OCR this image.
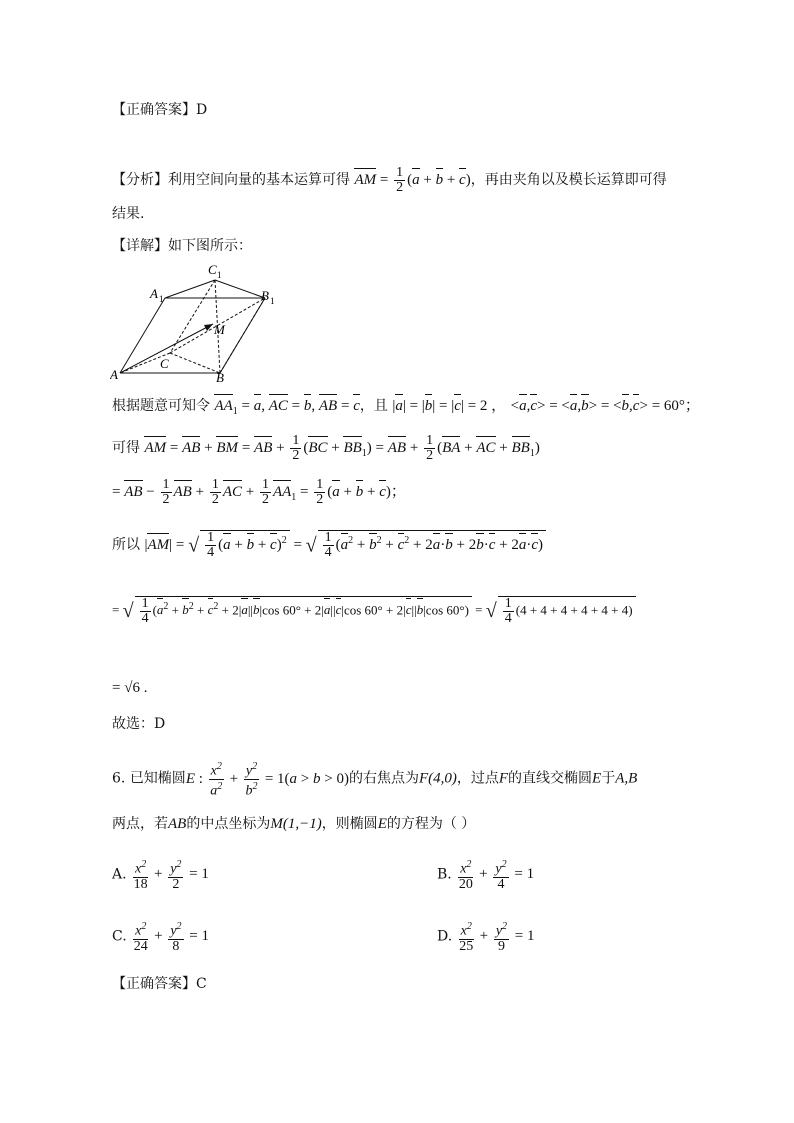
【正确答案】D
【分析】利用空间向量的基本运算可得 AM = $\frac{1}{2} (a + b + c)$，再由夹角以及模长运算即可得
结果.
【详解】如下图所示：
A	B
C
A 1	B 1
C 1
M
根据题意可知令 $AA_1 = a$, AC = b, AB = c，且 |a| = |b| = |c| = 2 ， <a,c> = <a,b> = <b,c> = 60°；
可得 AM = AB + BM = AB + $\frac{1}{2} (BC + BB_1)$ = AB + $\frac{1}{2} (BA$ + AC + $BB_1$)
= AB − $\frac{1}{2}$ AB + $\frac{1}{2}$ AC + $\frac{1}{2} AA_1 = \frac{1}{2} (a + b + c)$；
所以 |AM| = √ $\frac{1}{4} (a + b + c)^2$ = √ $\frac{1}{4} (a^2 + b^2 + c^2 + 2a\cdot b + 2b\cdot c + 2a\cdot c)$
= √ $\frac{1}{4} (a^2 + b^2 + c^2 + 2|a||b|\cos$ 60° + 2|a||c|cos 60° + 2|c||b|cos 60°) = √ $\frac{1}{4} (4 + 4 + 4 + 4 + 4 + 4)$
= √6 .
故选：D
6. 已知椭圆E : $\frac{x^2}{a^2} + \frac{y^2}{b^2} = 1(a > b > 0)$的右焦点为F(4,0)，过点F的直线交椭圆E于A,B
两点，若AB的中点坐标为M(1,−1)，则椭圆E的方程为（ ）
A. $\frac{x^2}{18} + \frac{y^2}{2} = 1$	B. $\frac{x^2}{20} + \frac{y^2}{4} = 1$
C. $\frac{x^2}{24} + \frac{y^2}{8} = 1$	D. $\frac{x^2}{25} + \frac{y^2}{9} = 1$
【正确答案】C
